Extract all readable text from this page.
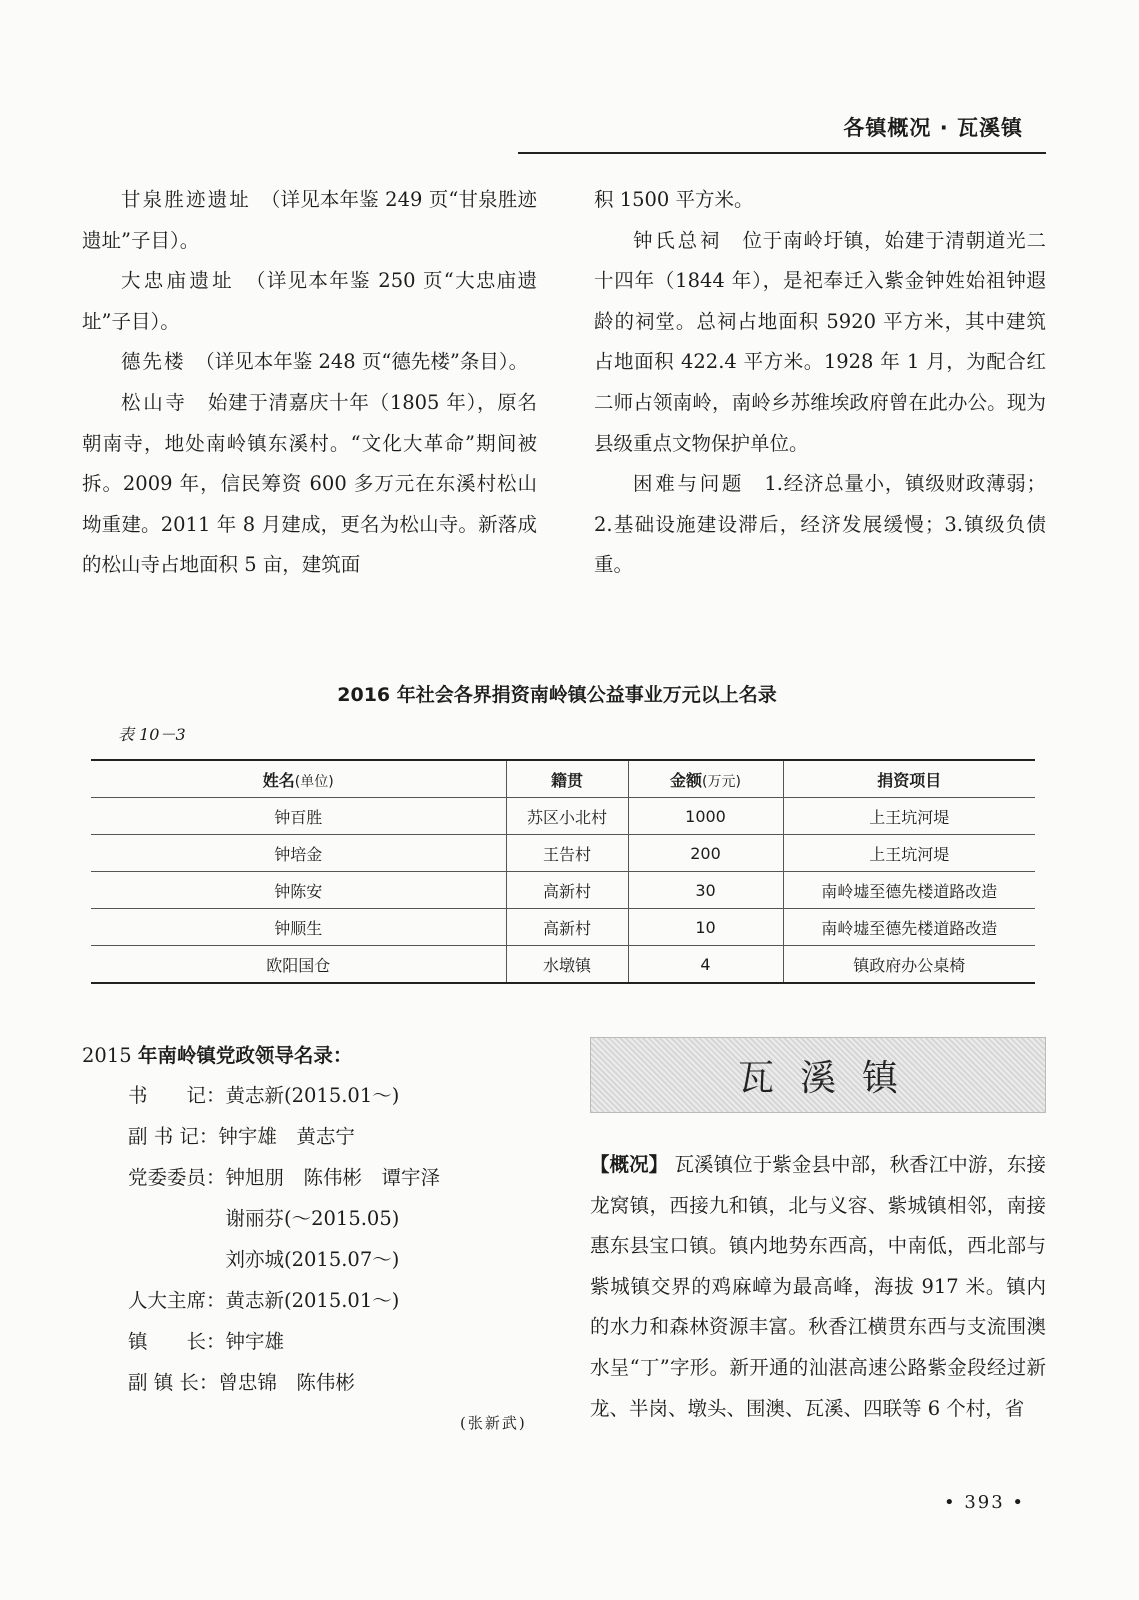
各镇概况 · 瓦溪镇

甘泉胜迹遗址　 （详见本年鉴 249 页“甘泉胜迹遗址”子目）。

大忠庙遗址　 （详见本年鉴 250 页“大忠庙遗址”子目）。

德先楼　 （详见本年鉴 248 页“德先楼”条目）。

松山寺　 始建于清嘉庆十年（1805 年），原名朝南寺，地处南岭镇东溪村。“文化大革命”期间被拆。2009 年，信民筹资 600 多万元在东溪村松山坳重建。2011 年 8 月建成，更名为松山寺。新落成的松山寺占地面积 5 亩，建筑面

积 1500 平方米。

钟氏总祠　 位于南岭圩镇，始建于清朝道光二十四年（1844 年），是祀奉迁入紫金钟姓始祖钟遐龄的祠堂。总祠占地面积 5920 平方米，其中建筑占地面积 422.4 平方米。1928 年 1 月，为配合红二师占领南岭，南岭乡苏维埃政府曾在此办公。现为县级重点文物保护单位。

困难与问题　 1.经济总量小，镇级财政薄弱；2.基础设施建设滞后，经济发展缓慢；3.镇级负债重。

2016 年社会各界捐资南岭镇公益事业万元以上名录
表 10－3
姓名(单位)	籍贯	金额(万元)	捐资项目
钟百胜	苏区小北村	1000	上王坑河堤
钟培金	王告村	200	上王坑河堤
钟陈安	高新村	30	南岭墟至德先楼道路改造
钟顺生	高新村	10	南岭墟至德先楼道路改造
欧阳国仓	水墩镇	4	镇政府办公桌椅
2015 年南岭镇党政领导名录：
书　　记：黄志新(2015.01～)
副 书 记：钟宇雄　黄志宁
党委委员：钟旭朋　陈伟彬　谭宇泽
　　　　　谢丽芬(～2015.05)
　　　　　刘亦城(2015.07～)
人大主席：黄志新(2015.01～)
镇　　长：钟宇雄
副 镇 长：曾忠锦　陈伟彬
(张新武)
瓦溪镇

【概况】 瓦溪镇位于紫金县中部，秋香江中游，东接龙窝镇，西接九和镇，北与义容、紫城镇相邻，南接惠东县宝口镇。镇内地势东西高，中南低，西北部与紫城镇交界的鸡麻嶂为最高峰，海拔 917 米。镇内的水力和森林资源丰富。秋香江横贯东西与支流围澳水呈“丁”字形。新开通的汕湛高速公路紫金段经过新龙、半岗、墩头、围澳、瓦溪、四联等 6 个村，省

• 393 •
